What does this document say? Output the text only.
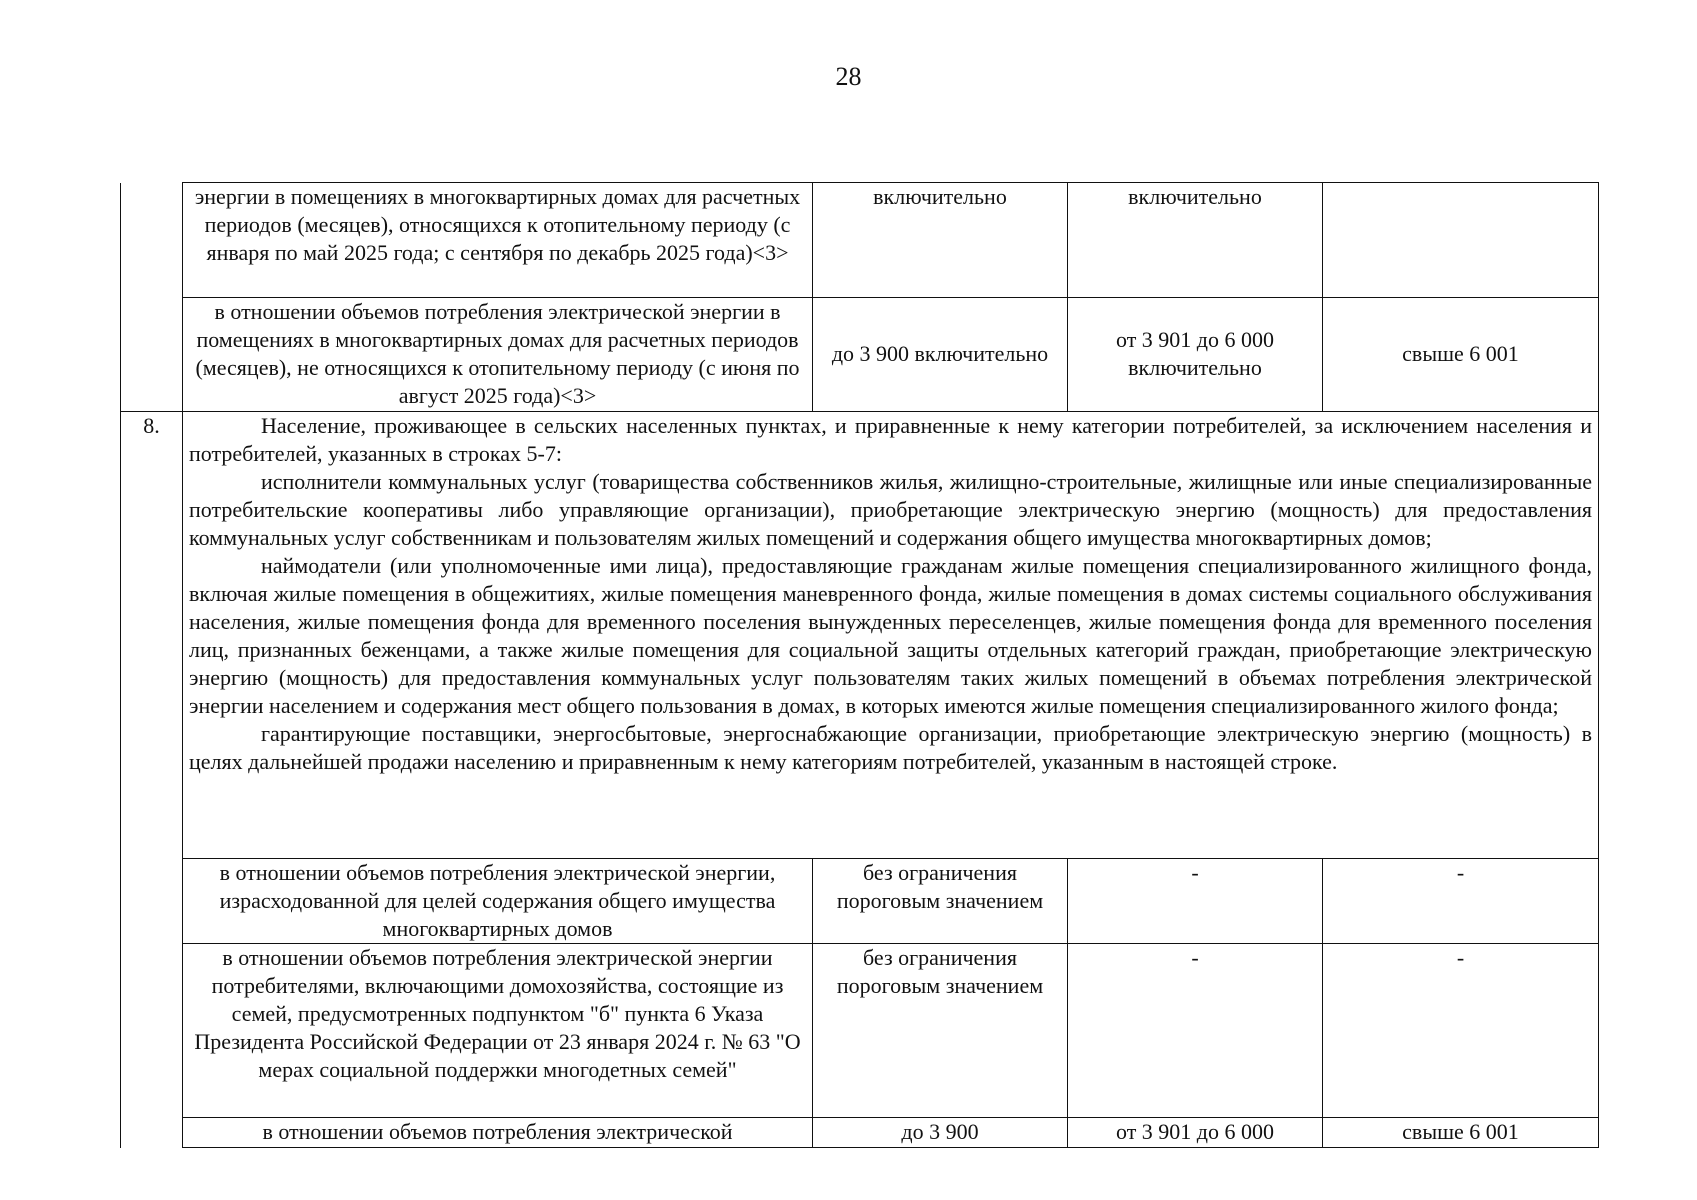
28
	энергии в помещениях в многоквартирных домах для расчетных периодов (месяцев), относящихся к отопительному периоду (с января по май 2025 года; с сентября по декабрь 2025 года)<3>	включительно	включительно	
	в отношении объемов потребления электрической энергии в помещениях в многоквартирных домах для расчетных периодов (месяцев), не относящихся к отопительному периоду (с июня по август 2025 года)<3>	до 3 900 включительно	от 3 901 до 6 000 включительно	свыше 6 001
8.	Население, проживающее в сельских населенных пунктах, и приравненные к нему категории потребителей, за исключением населения и потребителей, указанных в строках 5-7:
исполнители коммунальных услуг (товарищества собственников жилья, жилищно-строительные, жилищные или иные специализированные потребительские кооперативы либо управляющие организации), приобретающие электрическую энергию (мощность) для предоставления коммунальных услуг собственникам и пользователям жилых помещений и содержания общего имущества многоквартирных домов;
наймодатели (или уполномоченные ими лица), предоставляющие гражданам жилые помещения специализированного жилищного фонда, включая жилые помещения в общежитиях, жилые помещения маневренного фонда, жилые помещения в домах системы социального обслуживания населения, жилые помещения фонда для временного поселения вынужденных переселенцев, жилые помещения фонда для временного поселения лиц, признанных беженцами, а также жилые помещения для социальной защиты отдельных категорий граждан, приобретающие электрическую энергию (мощность) для предоставления коммунальных услуг пользователям таких жилых помещений в объемах потребления электрической энергии населением и содержания мест общего пользования в домах, в которых имеются жилые помещения специализированного жилого фонда;
гарантирующие поставщики, энергосбытовые, энергоснабжающие организации, приобретающие электрическую энергию (мощность) в целях дальнейшей продажи населению и приравненным к нему категориям потребителей, указанным в настоящей строке.			

	в отношении объемов потребления электрической энергии, израсходованной для целей содержания общего имущества многоквартирных домов	без ограничения пороговым значением	-	-
	в отношении объемов потребления электрической энергии потребителями, включающими домохозяйства, состоящие из семей, предусмотренных подпунктом "б" пункта 6 Указа Президента Российской Федерации от 23 января 2024 г. № 63 "О мерах социальной поддержки многодетных семей"	без ограничения пороговым значением	-	-
	в отношении объемов потребления электрической	до 3 900	от 3 901 до 6 000	свыше 6 001
